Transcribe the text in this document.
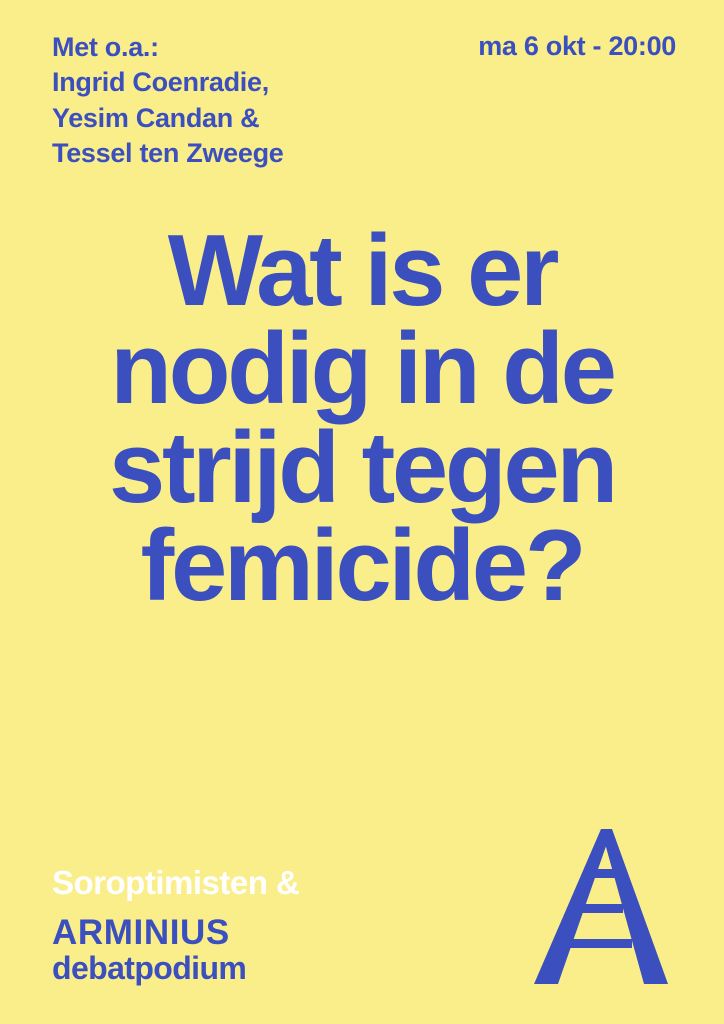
Met o.a.:
Ingrid Coenradie,
Yesim Candan &
Tessel ten Zweege
ma 6 okt - 20:00
Wat is er
nodig in de
strijd tegen
femicide?
Soroptimisten &
ARMINIUS
debatpodium
